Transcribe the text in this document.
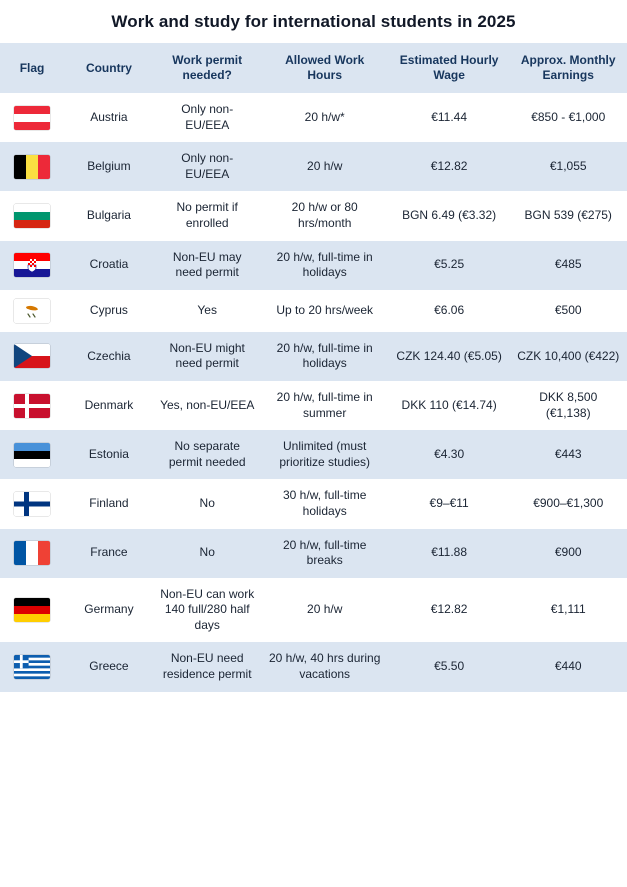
Work and study for international students in 2025
Flag	Country	Work permit needed?	Allowed Work Hours	Estimated Hourly Wage	Approx. Monthly Earnings

	Austria	Only non-EU/EEA	20 h/w*	€11.44	€850 - €1,000

	Belgium	Only non-EU/EEA	20 h/w	€12.82	€1,055

	Bulgaria	No permit if enrolled	20 h/w or 80 hrs/month	BGN 6.49 (€3.32)	BGN 539 (€275)

	Croatia	Non-EU may need permit	20 h/w, full-time in holidays	€5.25	€485

	Cyprus	Yes	Up to 20 hrs/week	€6.06	€500

	Czechia	Non-EU might need permit	20 h/w, full-time in holidays	CZK 124.40 (€5.05)	CZK 10,400 (€422)

	Denmark	Yes, non-EU/EEA	20 h/w, full-time in summer	DKK 110 (€14.74)	DKK 8,500 (€1,138)

	Estonia	No separate permit needed	Unlimited (must prioritize studies)	€4.30	€443

	Finland	No	30 h/w, full-time holidays	€9–€11	€900–€1,300

	France	No	20 h/w, full-time breaks	€11.88	€900

	Germany	Non-EU can work 140 full/280 half days	20 h/w	€12.82	€1,111

	Greece	Non-EU need residence permit	20 h/w, 40 hrs during vacations	€5.50	€440
